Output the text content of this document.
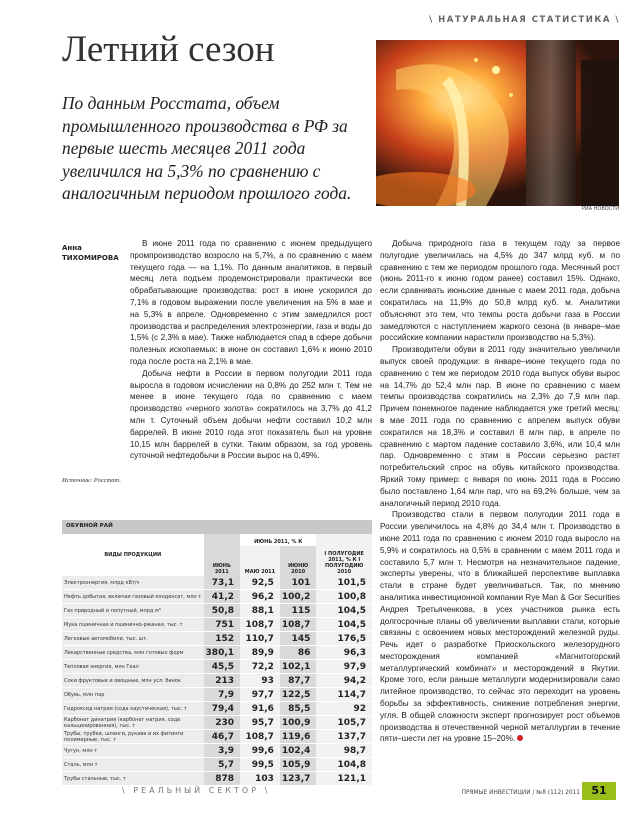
\ НАТУРАЛЬНАЯ СТАТИСТИКА \
Летний сезон
По данным Росстата, объем промышленного производства в РФ за первые шесть месяцев 2011 года увеличился на 5,3% по сравнению с аналогичным периодом прошлого года.
РИА НОВОСТИ
Анна
ТИХОМИРОВА

В июне 2011 года по сравнению с июнем предыдущего промпроизводство возросло на 5,7%, а по сравнению с маем текущего года — на 1,1%. По данным аналитиков, в первый месяц лета подъем продемонстрировали практически все обрабатывающие производства: рост в июне ускорился до 7,1% в годовом выражении после увеличения на 5% в мае и на 5,3% в апреле. Одновременно с этим замедлился рост производства и распределения электроэнергии, газа и воды до 1,5% (с 2,3% в мае). Также наблюдается спад в сфере добычи полезных ископаемых: в июне он составил 1,6% к июню 2010 года после роста на 2,1% в мае.

Добыча нефти в России в первом полугодии 2011 года выросла в годовом исчислении на 0,8% до 252 млн т. Тем не менее в июне текущего года по сравнению с маем производство «черного золота» сократилось на 3,7% до 41,2 млн т. Суточный объем добычи нефти составил 10,2 млн баррелей. В июне 2010 года этот показатель был на уровне 10,15 млн баррелей в сутки. Таким образом, за год уровень суточной нефтедобычи в России вырос на 0,49%.

Источник: Росстат.

Добыча природного газа в текущем году за первое полугодие увеличилась на 4,5% до 347 млрд куб. м по сравнению с тем же периодом прошлого года. Месячный рост (июнь 2011-го к июню годом ранее) составил 15%. Однако, если сравнивать июньские данные с маем 2011 года, добыча сократилась на 11,9% до 50,8 млрд куб. м. Аналитики объясняют это тем, что темпы роста добычи газа в России замедляются с наступлением жаркого сезона (в январе–мае российские компании нарастили производство на 5,3%).

Производители обуви в 2011 году значительно увеличили выпуск своей продукции: в январе–июне текущего года по сравнению с тем же периодом 2010 года выпуск обуви вырос на 14,7% до 52,4 млн пар. В июне по сравнению с маем темпы производства сократились на 2,3% до 7,9 млн пар. Причем понемногое падение наблюдается уже третий месяц: в мае 2011 года по сравнению с апрелем выпуск обуви сократился на 18,3% и составил 8 млн пар, в апреле по сравнению с мартом падение составило 3,6%, или 10,4 млн пар. Одновременно с этим в России серьезно растет потребительский спрос на обувь китайского производства. Яркий тому пример: с января по июнь 2011 года в Россию было поставлено 1,64 млн пар, что на 69,2% больше, чем за аналогичный период 2010 года.

Производство стали в первом полугодии 2011 года в России увеличилось на 4,8% до 34,4 млн т. Производство в июне 2011 года по сравнению с июнем 2010 года выросло на 5,9% и сократилось на 0,5% в сравнении с маем 2011 года и составило 5,7 млн т. Несмотря на незначительное падение, эксперты уверены, что в ближайшей перспективе выплавка стали в стране будет увеличиваться. Так, по мнению аналитика инвестиционной компании Rye Man & Gor Securities Андрея Третьяченкова, в усех участников рынка есть долгосрочные планы об увеличении выплавки стали, которые связаны с освоением новых месторождений железной руды. Речь идет о разработке Приоскольского железорудного месторождения компанией «Магнитогорский металлургический комбинат» и месторождений в Якутии. Кроме того, если раньше металлурги модернизировали само литейное производство, то сейчас это переходит на уровень борьбы за эффективность, снижение потребления энергии, угля. В общей сложности эксперт прогнозирует рост объемов производства в отечественной черной металлургии в течение пяти–шести лет на уровне 15–20%.

ОБУВНОЙ РАЙ
ВИДЫ ПРОДУКЦИИ	ИЮНЬ 2011	ИЮНЬ 2011, % К		I ПОЛУГОДИЕ 2011, % К I ПОЛУГОДИЮ 2010
		МАЮ 2011	ИЮНЮ 2010	
Электроэнергия, млрд кВт/ч	73,1	92,5	101	101,5
Нефть добытая, включая газовый конденсат, млн т	41,2	96,2	100,2	100,8
Газ природный и попутный, млрд м³	50,8	88,1	115	104,5
Мука пшеничная и пшенично-ржаная, тыс. т	751	108,7	108,7	104,5
Легковые автомобили, тыс. шт.	152	110,7	145	176,5
Лекарственные средства, млн готовых форм	380,1	89,9	86	96,3
Тепловая энергия, млн Гкал	45,5	72,2	102,1	97,9
Соки фруктовые и овощные, млн усл. банок	213	93	87,7	94,2
Обувь, млн пар	7,9	97,7	122,5	114,7
Гидроксид натрия (сода каустическая), тыс. т	79,4	91,6	85,5	92
Карбонат динатрия (карбонат натрия, сода кальцинированная), тыс. т	230	95,7	100,9	105,7
Трубы, трубки, шланги, рукава и их фитинги полимерные, тыс. т	46,7	108,7	119,6	137,7
Чугун, млн т	3,9	99,6	102,4	98,7
Сталь, млн т	5,7	99,5	105,9	104,8
Трубы стальные, тыс. т	878	103	123,7	121,1
\ РЕАЛЬНЫЙ СЕКТОР \	ПРЯМЫЕ ИНВЕСТИЦИИ / №8 (112) 2011	51
